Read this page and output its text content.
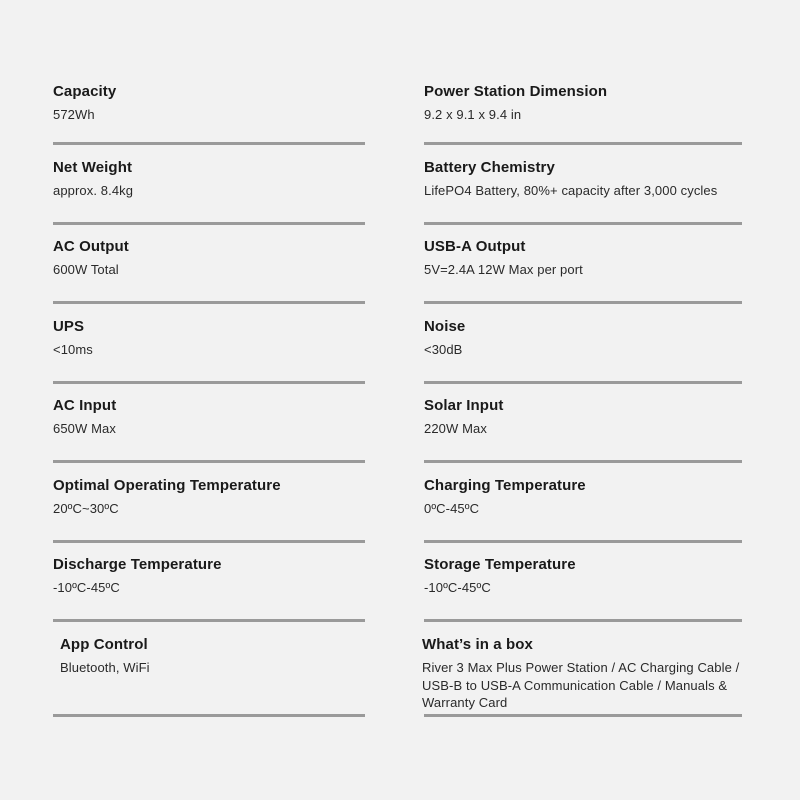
Capacity
572Wh
Net Weight
approx. 8.4kg
AC Output
600W Total
UPS
<10ms
AC Input
650W Max
Optimal Operating Temperature
20ºC~30ºC
Discharge Temperature
-10ºC-45ºC
App Control
Bluetooth, WiFi
Power Station Dimension
9.2 x 9.1 x 9.4 in
Battery Chemistry
LifePO4 Battery, 80%+ capacity after 3,000 cycles
USB-A Output
5V=2.4A 12W Max per port
Noise
<30dB
Solar Input
220W Max
Charging Temperature
0ºC-45ºC
Storage Temperature
-10ºC-45ºC
What’s in a box
River 3 Max Plus Power Station / AC Charging Cable / USB-B to USB-A Communication Cable / Manuals & Warranty Card
